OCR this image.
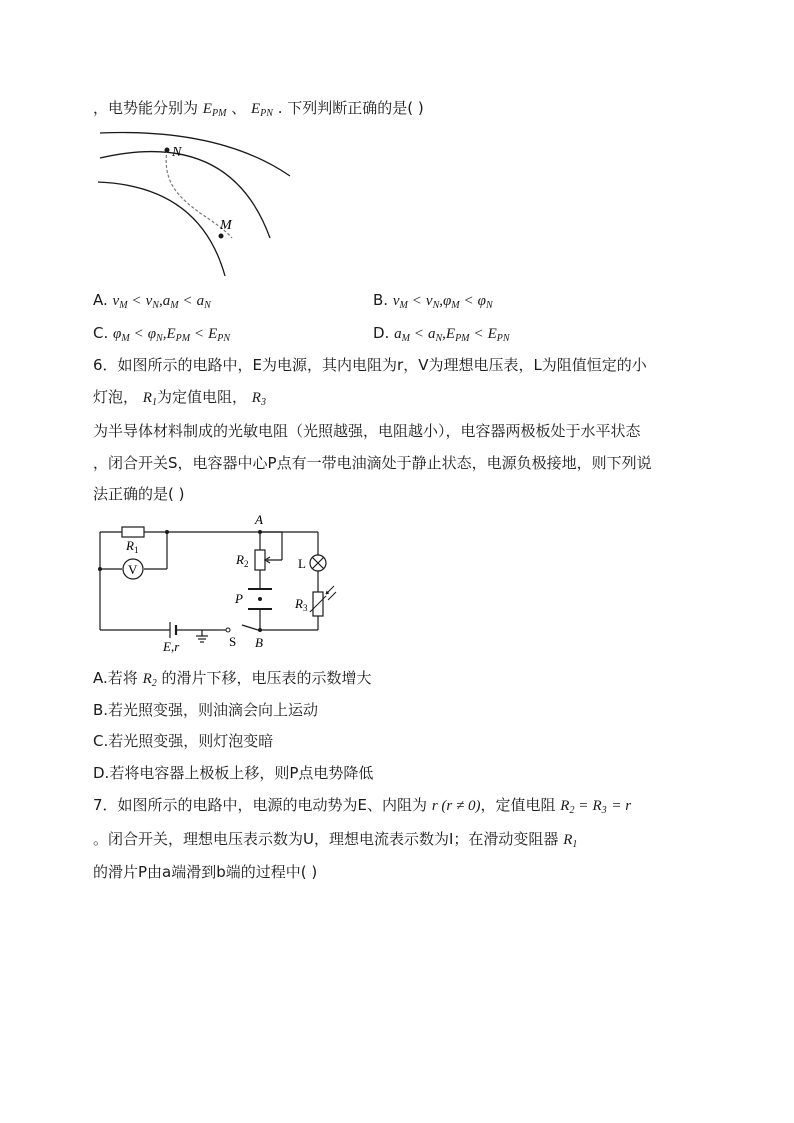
，电势能分别为 $E_{PM}$ 、 $E_{PN}$ . 下列判断正确的是( )
N
M
A. $v_M < v_N,a_M < a_N$	B. $v_M < v_N,\varphi_M < \varphi_N$
C. $\varphi_M < \varphi_N,E_{PM} < E_{PN}$	D. $a_M < a_N,E_{PM} < E_{PN}$
6．如图所示的电路中，E为电源，其内电阻为r，V为理想电压表，L为阻值恒定的小
灯泡， $R_1$为定值电阻， $R_3$
为半导体材料制成的光敏电阻（光照越强，电阻越小），电容器两极板处于水平状态
，闭合开关S，电容器中心P点有一带电油滴处于静止状态，电源负极接地，则下列说
法正确的是( )
V
A
B
$R_1$
$R_2$
$R_3$
L
P
S
E,r
A.若将 $R_2$ 的滑片下移，电压表的示数增大
B.若光照变强，则油滴会向上运动
C.若光照变强，则灯泡变暗
D.若将电容器上极板上移，则P点电势降低
7．如图所示的电路中，电源的电动势为E、内阻为 r (r ≠ 0)，定值电阻 $R_2 = R_3 = r$
。闭合开关，理想电压表示数为U，理想电流表示数为I；在滑动变阻器 $R_1$
的滑片P由a端滑到b端的过程中( )
